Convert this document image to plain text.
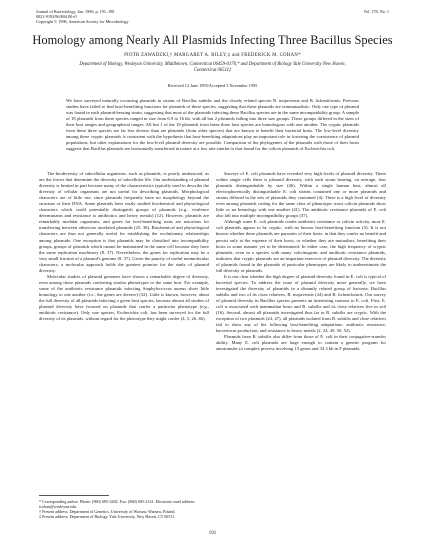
Journal of Bacteriology, Jan. 1996, p. 191–198
0021-9193/96/$04.00+0
Copyright © 1996, American Society for Microbiology
Vol. 178, No. 1
Homology among Nearly All Plasmids Infecting Three Bacillus Species
PIOTR ZAWADZKI,† MARGARET A. RILEY,‡ and FREDERICK M. COHAN*
Department of Biology, Wesleyan University, Middletown, Connecticut 06459-0170,* and Department of Biology Yale University New Haven, Connecticut 06511‡
Received 12 June 1995/Accepted 3 November 1995
We have surveyed naturally occurring plasmids in strains of Bacillus subtilis and the closely related species B. mojavensis and B. licheniformis. Previous studies have failed to find host-benefiting functions for plasmids of these species, suggesting that these plasmids are nonmutualistic. Only one type of plasmid was found in each plasmid-bearing strain, suggesting that most of the plasmids infecting these Bacillus species are in the same incompatibility group. A sample of 18 plasmids from these species ranged in size from 6.9 to 16 kb, with all but 2 plasmids falling into three size groups. These groups differed in the sizes of their host ranges and geographical ranges. All but 1 of the 18 plasmids from these three host species are homologous with one another. The cryptic plasmids from these three species are far less diverse than are plasmids (from other species) that are known to benefit their bacterial hosts. The low-level diversity among these cryptic plasmids is consistent with the hypothesis that host-benefiting adaptations play an important role in fostering the coexistence of plasmid populations, but other explanations for the low-level plasmid diversity are possible. Comparison of the phylogenies of the plasmids with those of their hosts suggests that Bacillus plasmids are horizontally transferred in nature at a low rate similar to that found for the colicin plasmids of Escherichia coli.

The biodiversity of subcellular organisms, such as plasmids, is poorly understood, as are the forces that determine the diversity of subcellular life. Our understanding of plasmid diversity is limited in part because many of the characteristics typically used to describe the diversity of cellular organisms are not useful for describing plasmids. Morphological characters are of little use, since plasmids frequently have no morphology beyond the structure of their DNA. Some plasmids have easily studied biochemical and physiological characters which could potentially distinguish groups of plasmids (e.g., virulence determinants and resistance to antibiotics and heavy metals) (12). However, plasmids are remarkably modular organisms, and genes for host-benefiting traits are notorious for transferring between otherwise unrelated plasmids (25, 38). Biochemical and physiological characters are thus not generally useful for establishing the evolutionary relationships among plasmids. One exception is that plasmids may be classified into incompatibility groups, groups of plasmids which cannot be maintained in the same cell because they have the same replication machinery (8, 37). Nevertheless, the genes for replication may be a very small fraction of a plasmid's genome (8, 37). Given the paucity of useful nonmolecular characters, a molecular approach holds the greatest promise for the study of plasmid diversity.

Molecular studies of plasmid genomes have shown a remarkable degree of diversity, even among those plasmids conferring similar phenotypes to the same host. For example, some of the antibiotic resistance plasmids infecting Staphylococcus aureus show little homology to one another (i.e., the genes are diverse) (32). Little is known, however, about the full diversity of all plasmids infecting a given host species, because almost all studies of plasmid diversity have focused on plasmids that confer a particular phenotype (e.g., antibiotic resistance). Only one species, Escherichia coli, has been surveyed for the full diversity of its plasmids, without regard for the phenotype they might confer (4, 5, 26, 46).

Surveys of E. coli plasmids have revealed very high levels of plasmid diversity. These within single cells there is plasmid diversity, with each strain bearing, on average, four plasmids distinguishable by size (46). Within a single human host, almost all electrophoretically distinguishable E. coli strains contained one or more plasmids and strains differed in the sets of plasmids they contained (4). There is a high level of diversity even among plasmids coding for the same class of phenotype; most colicin plasmids show little or no homology with one another (41). The antibiotic resistance plasmids of E. coli also fall into multiple incompatibility groups (37).

Although some E. coli plasmids confer antibiotic resistance or colicin activity, most E. coli plasmids appear to be cryptic, with no known host-benefiting function (5). It is not known whether these plasmids are parasites of their hosts, in that they confer no benefit and persist only at the expense of their hosts, or whether they are mutualists, benefiting their hosts in some manner yet to be determined. In either case, the high frequency of cryptic plasmids, even in a species with many colicinogenic and antibiotic resistance plasmids, indicates that cryptic plasmids are an important reservoir of plasmid diversity. The diversity of plasmids found in the plasmids of particular phenotypes are likely to underestimate the full diversity of plasmids.

It is not clear whether the high degree of plasmid diversity found in E. coli is typical of bacterial species. To address the issue of plasmid diversity more generally, we have investigated the diversity of plasmids in a distantly related group of bacteria, Bacillus subtilis and two of its close relatives, B. mojavensis (44) and B. licheniformis. Our survey of plasmid diversity in Bacillus species presents an interesting contrast to E. coli. First, E. coli is associated with mammalian hosts and B. subtilis and its close relatives live in soil (16). Second, almost all plasmids investigated thus far in B. subtilis are cryptic. With the exception of two plasmids (24, 47), all plasmids isolated from B. subtilis and close relatives fail to show any of the following host-benefiting adaptations: antibiotic resistance, bacteriocin production, and resistance to heavy metals (2, 24, 49, 50, 52).

Plasmids from B. subtilis also differ from those of E. coli in their conjugative-transfer ability. Many E. coli plasmids are large enough to contain a genetic program for autotransfer (a complex process involving 13 genes and 33.3 kb in F plasmids,

* Corresponding author. Phone: (860) 685-3482. Fax: (860) 685-2141. Electronic mail address: fcohan@wesleyan.edu.
† Present address: Department of Genetics, University of Warsaw, Warsaw, Poland.
‡ Present address: Department of Biology, Yale University, New Haven, CT 06511.
191
